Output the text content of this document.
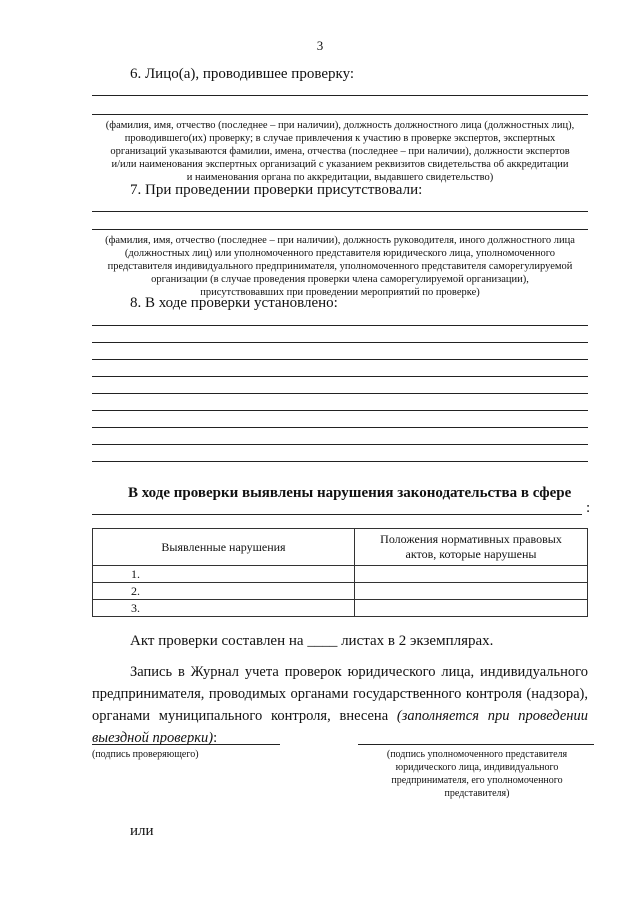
3
6. Лицо(а), проводившее проверку:
(фамилия, имя, отчество (последнее – при наличии), должность должностного лица (должностных лиц),
проводившего(их) проверку; в случае привлечения к участию в проверке экспертов, экспертных
организаций указываются фамилии, имена, отчества (последнее – при наличии), должности экспертов
и/или наименования экспертных организаций с указанием реквизитов свидетельства об аккредитации
и наименования органа по аккредитации, выдавшего свидетельство)
7. При проведении проверки присутствовали:
(фамилия, имя, отчество (последнее – при наличии), должность руководителя, иного должностного лица
(должностных лиц) или уполномоченного представителя юридического лица, уполномоченного
представителя индивидуального предпринимателя, уполномоченного представителя саморегулируемой
организации (в случае проведения проверки члена саморегулируемой организации),
присутствовавших при проведении мероприятий по проверке)
8. В ходе проверки установлено:
В ходе проверки выявлены нарушения законодательства в сфере
:
Выявленные нарушения	Положения нормативных правовых актов, которые нарушены
1.	
2.	
3.	
Акт проверки составлен на ____ листах в 2 экземплярах.
Запись в Журнал учета проверок юридического лица, индивидуального предпринимателя, проводимых органами государственного контроля (надзора), органами муниципального контроля, внесена (заполняется при проведении выездной проверки):
(подпись проверяющего)	(подпись уполномоченного представителя
юридического лица, индивидуального
предпринимателя, его уполномоченного
представителя)
или
